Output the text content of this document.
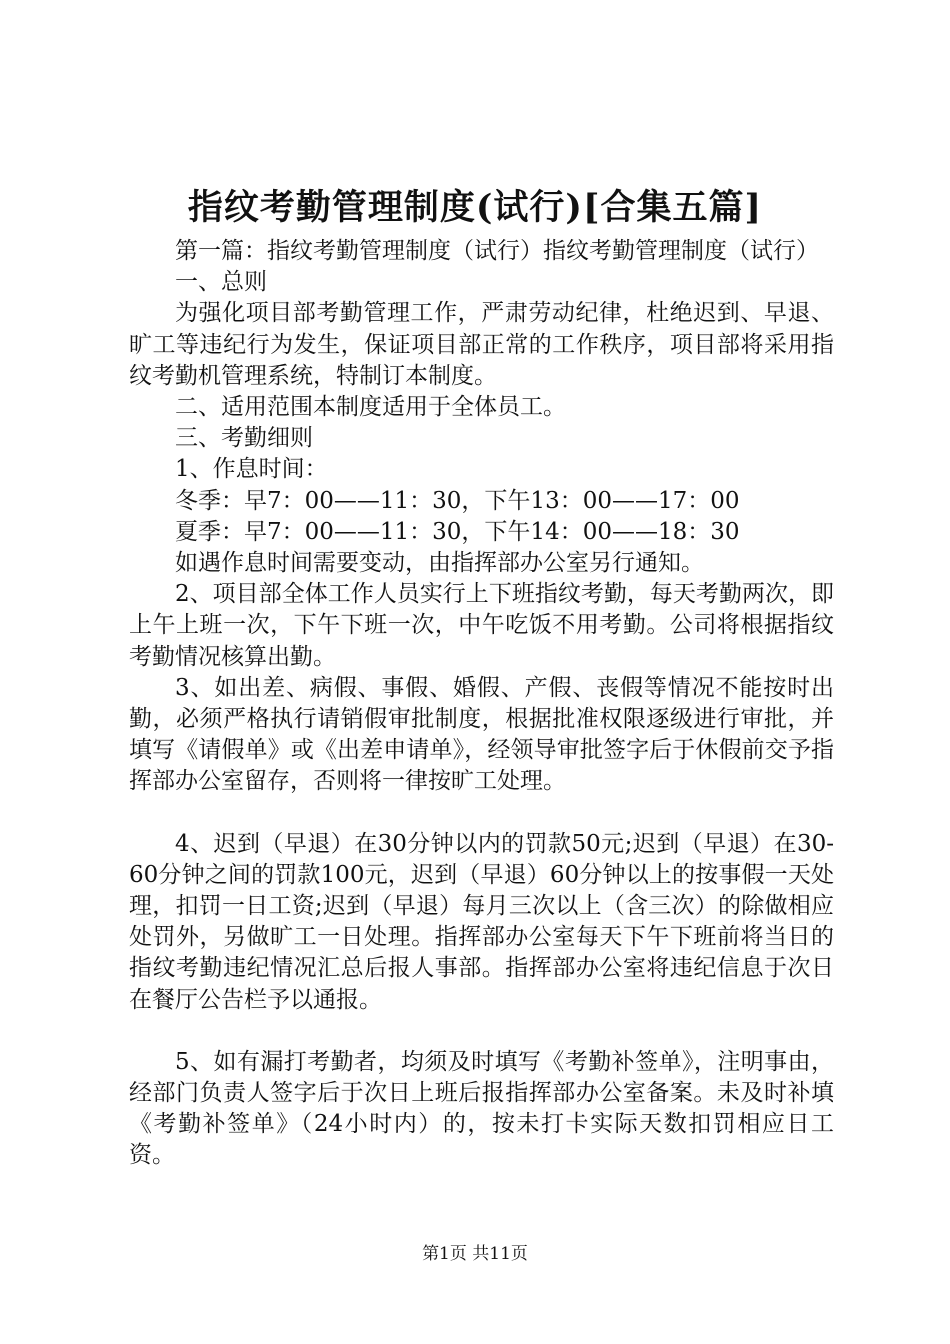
指纹考勤管理制度(试行)[合集五篇]

第一篇：指纹考勤管理制度（试行）指纹考勤管理制度（试行）

一、总则

为强化项目部考勤管理工作，严肃劳动纪律，杜绝迟到、早退、旷工等违纪行为发生，保证项目部正常的工作秩序，项目部将采用指纹考勤机管理系统，特制订本制度。

二、适用范围本制度适用于全体员工。

三、考勤细则

1、作息时间：

冬季：早7：00——11：30，下午13：00——17：00

夏季：早7：00——11：30，下午14：00——18：30

如遇作息时间需要变动，由指挥部办公室另行通知。

2、项目部全体工作人员实行上下班指纹考勤，每天考勤两次，即上午上班一次，下午下班一次，中午吃饭不用考勤。公司将根据指纹考勤情况核算出勤。

3、如出差、病假、事假、婚假、产假、丧假等情况不能按时出勤，必须严格执行请销假审批制度，根据批准权限逐级进行审批，并填写《请假单》或《出差申请单》，经领导审批签字后于休假前交予指挥部办公室留存，否则将一律按旷工处理。

4、迟到（早退）在30分钟以内的罚款50元;迟到（早退）在30-60分钟之间的罚款100元，迟到（早退）60分钟以上的按事假一天处理，扣罚一日工资;迟到（早退）每月三次以上（含三次）的除做相应处罚外，另做旷工一日处理。指挥部办公室每天下午下班前将当日的指纹考勤违纪情况汇总后报人事部。指挥部办公室将违纪信息于次日在餐厅公告栏予以通报。

5、如有漏打考勤者，均须及时填写《考勤补签单》，注明事由，经部门负责人签字后于次日上班后报指挥部办公室备案。未及时补填《考勤补签单》（24小时内）的，按未打卡实际天数扣罚相应日工资。

第1页 共11页
